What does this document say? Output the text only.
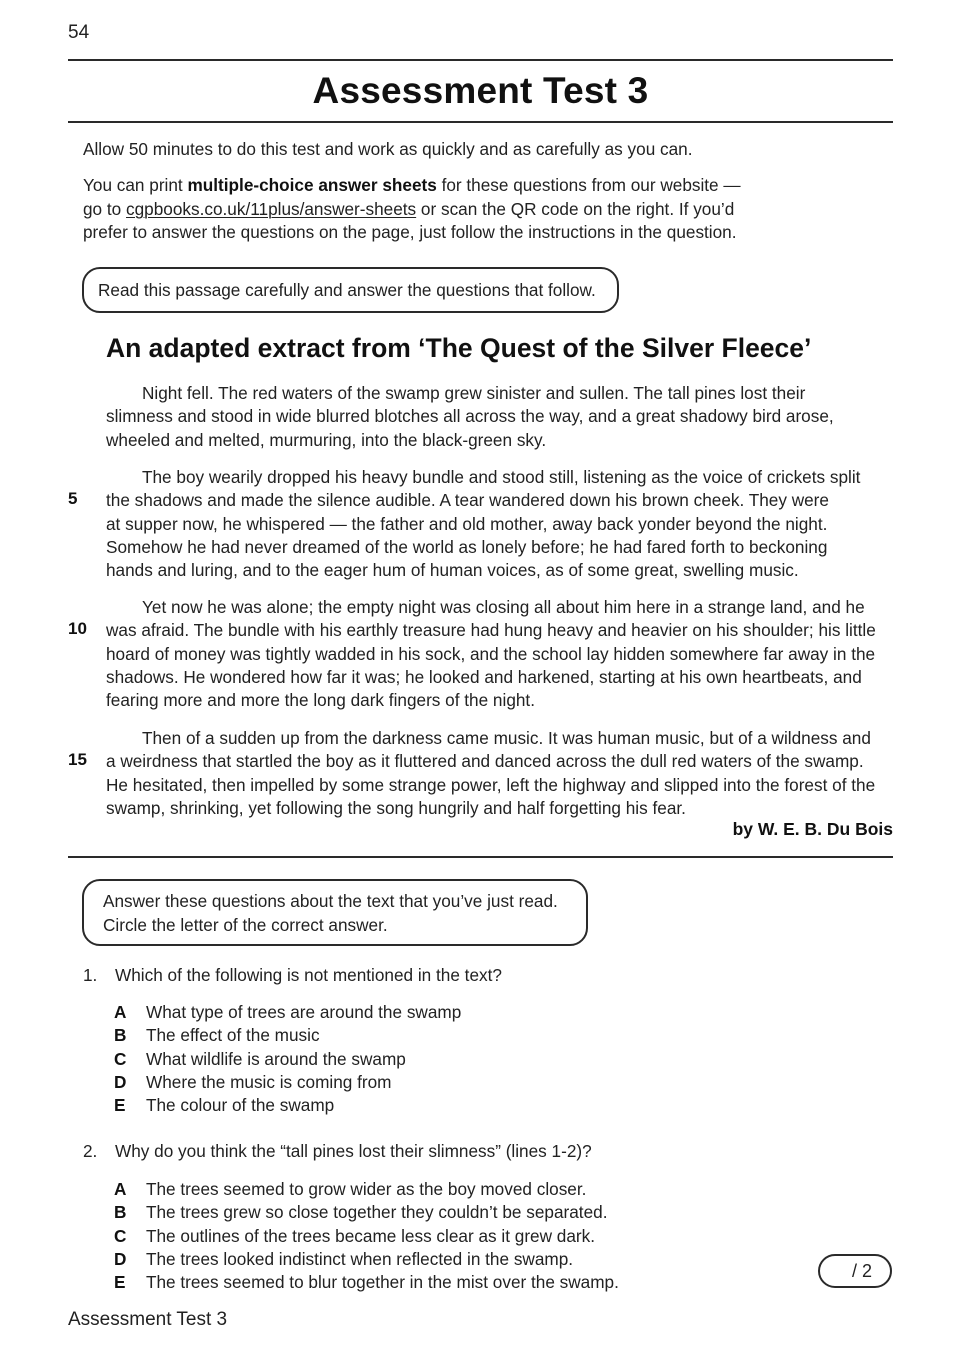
54
Assessment Test 3

Allow 50 minutes to do this test and work as quickly and as carefully as you can.

You can print multiple-choice answer sheets for these questions from our website —
go to cgpbooks.co.uk/11plus/answer-sheets or scan the QR code on the right. If you’d
prefer to answer the questions on the page, just follow the instructions in the question.
Read this passage carefully and answer the questions that follow.
An adapted extract from ‘The Quest of the Silver Fleece’
Night fell. The red waters of the swamp grew sinister and sullen. The tall pines lost their
slimness and stood in wide blurred blotches all across the way, and a great shadowy bird arose,
wheeled and melted, murmuring, into the black-green sky.
5
The boy wearily dropped his heavy bundle and stood still, listening as the voice of crickets split
the shadows and made the silence audible. A tear wandered down his brown cheek. They were
at supper now, he whispered — the father and old mother, away back yonder beyond the night.
Somehow he had never dreamed of the world as lonely before; he had fared forth to beckoning
hands and luring, and to the eager hum of human voices, as of some great, swelling music.
10
Yet now he was alone; the empty night was closing all about him here in a strange land, and he
was afraid. The bundle with his earthly treasure had hung heavy and heavier on his shoulder; his little
hoard of money was tightly wadded in his sock, and the school lay hidden somewhere far away in the
shadows. He wondered how far it was; he looked and harkened, starting at his own heartbeats, and
fearing more and more the long dark fingers of the night.
15
Then of a sudden up from the darkness came music. It was human music, but of a wildness and
a weirdness that startled the boy as it fluttered and danced across the dull red waters of the swamp.
He hesitated, then impelled by some strange power, left the highway and slipped into the forest of the
swamp, shrinking, yet following the song hungrily and half forgetting his fear.
by W. E. B. Du Bois
Answer these questions about the text that you’ve just read.
Circle the letter of the correct answer.
1. Which of the following is not mentioned in the text?
A What type of trees are around the swamp
B The effect of the music
C What wildlife is around the swamp
D Where the music is coming from
E The colour of the swamp
2. Why do you think the “tall pines lost their slimness” (lines 1-2)?
A The trees seemed to grow wider as the boy moved closer.
B The trees grew so close together they couldn’t be separated.
C The outlines of the trees became less clear as it grew dark.
D The trees looked indistinct when reflected in the swamp.
E The trees seemed to blur together in the mist over the swamp.
/ 2
Assessment Test 3
